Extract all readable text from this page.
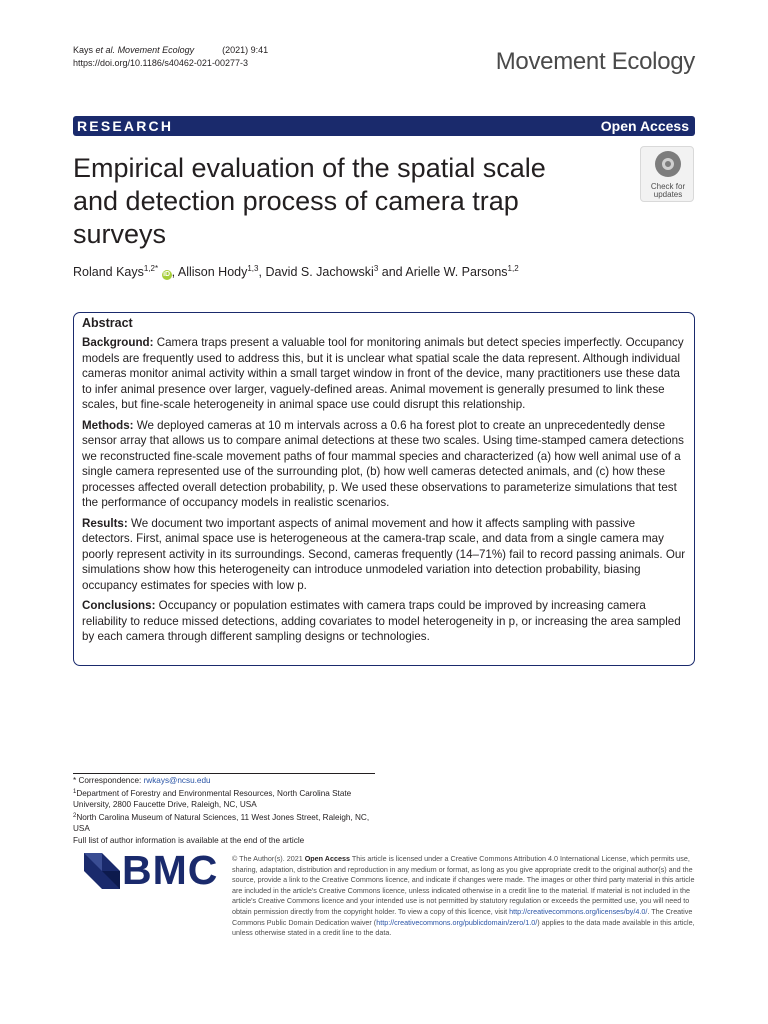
Kays et al. Movement Ecology	(2021) 9:41
https://doi.org/10.1186/s40462-021-00277-3	Movement Ecology
RESEARCH	Open Access
Empirical evaluation of the spatial scale and detection process of camera trap surveys
Check for
updates
Roland Kays$^{1,2*}$ iD , Allison Hody$^{1,3}$, David S. Jachowski$^3$ and Arielle W. Parsons$^{1,2}$
Abstract

Background: Camera traps present a valuable tool for monitoring animals but detect species imperfectly. Occupancy models are frequently used to address this, but it is unclear what spatial scale the data represent. Although individual cameras monitor animal activity within a small target window in front of the device, many practitioners use these data to infer animal presence over larger, vaguely-defined areas. Animal movement is generally presumed to link these scales, but fine-scale heterogeneity in animal space use could disrupt this relationship.

Methods: We deployed cameras at 10 m intervals across a 0.6 ha forest plot to create an unprecedentedly dense sensor array that allows us to compare animal detections at these two scales. Using time-stamped camera detections we reconstructed fine-scale movement paths of four mammal species and characterized (a) how well animal use of a single camera represented use of the surrounding plot, (b) how well cameras detected animals, and (c) how these processes affected overall detection probability, p. We used these observations to parameterize simulations that test the performance of occupancy models in realistic scenarios.

Results: We document two important aspects of animal movement and how it affects sampling with passive detectors. First, animal space use is heterogeneous at the camera-trap scale, and data from a single camera may poorly represent activity in its surroundings. Second, cameras frequently (14–71%) fail to record passing animals. Our simulations show how this heterogeneity can introduce unmodeled variation into detection probability, biasing occupancy estimates for species with low p.

Conclusions: Occupancy or population estimates with camera traps could be improved by increasing camera reliability to reduce missed detections, adding covariates to model heterogeneity in p, or increasing the area sampled by each camera through different sampling designs or technologies.

* Correspondence: rwkays@ncsu.edu

$^1$Department of Forestry and Environmental Resources, North Carolina State University, 2800 Faucette Drive, Raleigh, NC, USA

$^2$North Carolina Museum of Natural Sciences, 11 West Jones Street, Raleigh, NC, USA

Full list of author information is available at the end of the article

BMC © The Author(s). 2021 Open Access This article is licensed under a Creative Commons Attribution 4.0 International License, which permits use, sharing, adaptation, distribution and reproduction in any medium or format, as long as you give appropriate credit to the original author(s) and the source, provide a link to the Creative Commons licence, and indicate if changes were made. The images or other third party material in this article are included in the article's Creative Commons licence, unless indicated otherwise in a credit line to the material. If material is not included in the article's Creative Commons licence and your intended use is not permitted by statutory regulation or exceeds the permitted use, you will need to obtain permission directly from the copyright holder. To view a copy of this licence, visit http://creativecommons.org/licenses/by/4.0/. The Creative Commons Public Domain Dedication waiver (http://creativecommons.org/publicdomain/zero/1.0/) applies to the data made available in this article, unless otherwise stated in a credit line to the data.
